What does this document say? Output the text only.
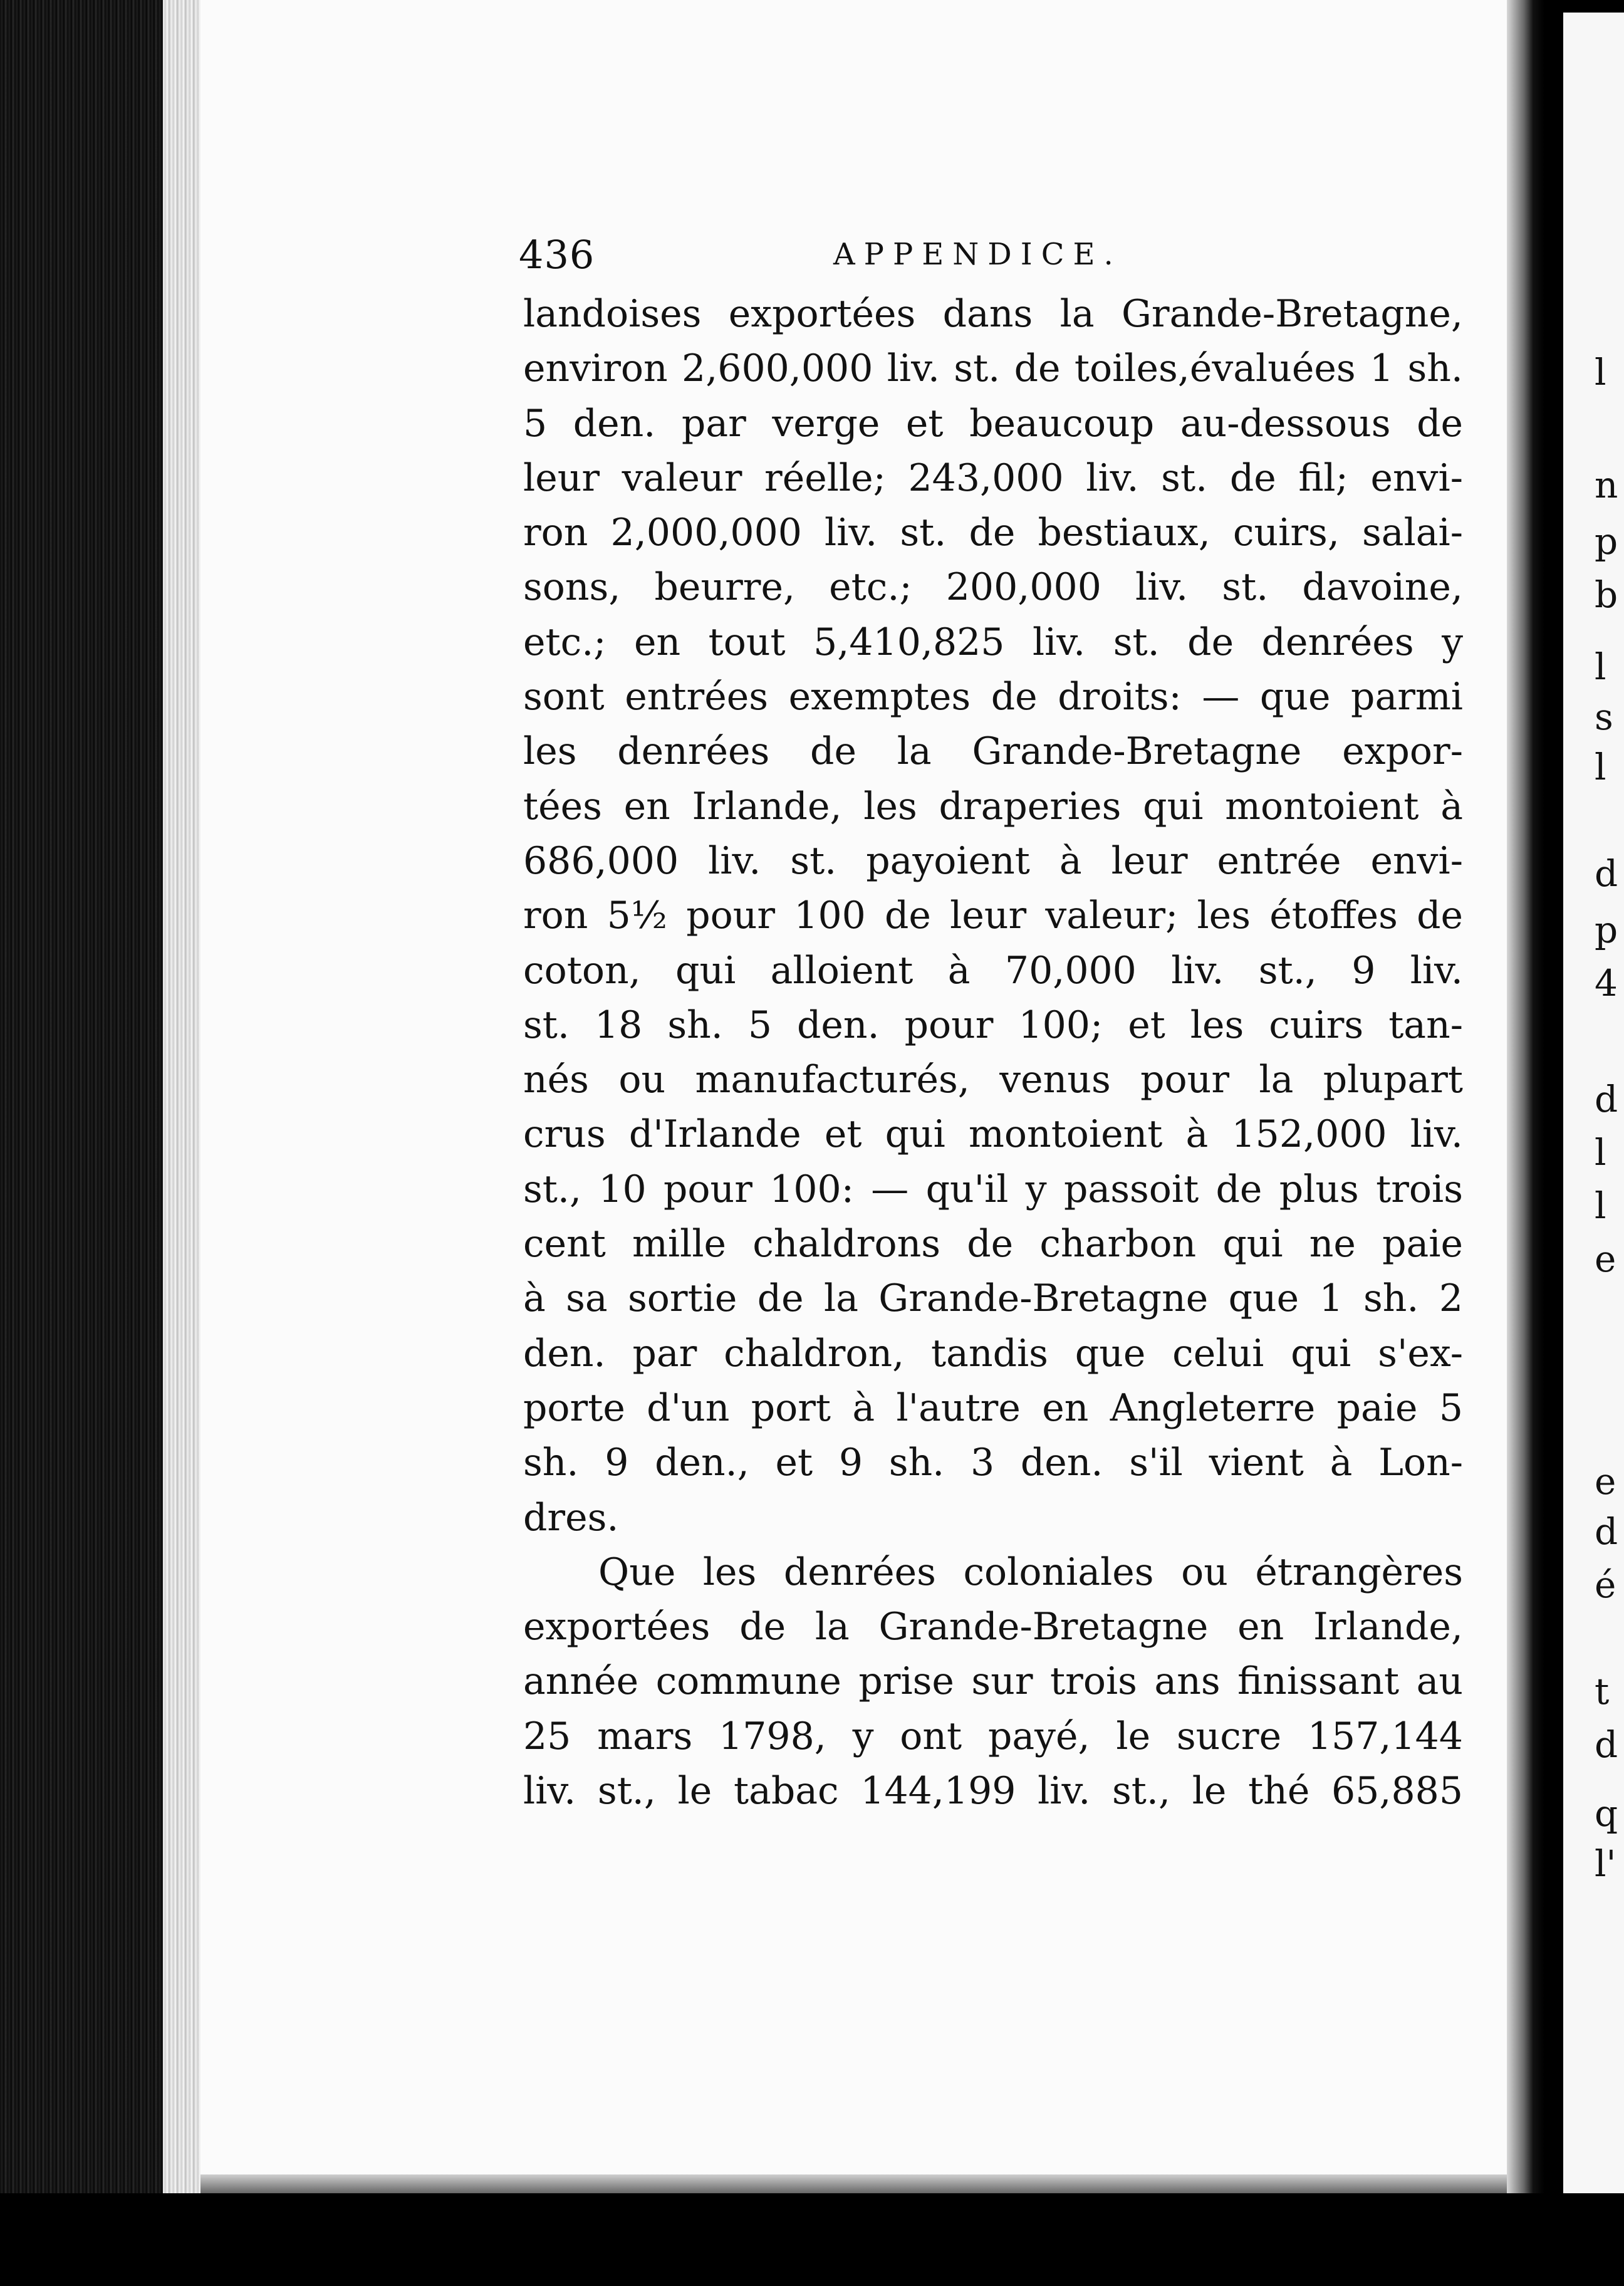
436	APPENDICE.
landoises exportées dans la Grande-Bretagne,
environ 2,600,000 liv. st. de toiles,évaluées 1 sh.
5 den. par verge et beaucoup au-dessous de
leur valeur réelle; 243,000 liv. st. de fil; envi-
ron 2,000,000 liv. st. de bestiaux, cuirs, salai-
sons, beurre, etc.; 200,000 liv. st. davoine,
etc.; en tout 5,410,825 liv. st. de denrées y
sont entrées exemptes de droits: — que parmi
les denrées de la Grande-Bretagne expor-
tées en Irlande, les draperies qui montoient à
686,000 liv. st. payoient à leur entrée envi-
ron 5½ pour 100 de leur valeur; les étoffes de
coton, qui alloient à 70,000 liv. st., 9 liv.
st. 18 sh. 5 den. pour 100; et les cuirs tan-
nés ou manufacturés, venus pour la plupart
crus d'Irlande et qui montoient à 152,000 liv.
st., 10 pour 100: — qu'il y passoit de plus trois
cent mille chaldrons de charbon qui ne paie
à sa sortie de la Grande-Bretagne que 1 sh. 2
den. par chaldron, tandis que celui qui s'ex-
porte d'un port à l'autre en Angleterre paie 5
sh. 9 den., et 9 sh. 3 den. s'il vient à Lon-
dres.
Que les denrées coloniales ou étrangères
exportées de la Grande-Bretagne en Irlande,
année commune prise sur trois ans finissant au
25 mars 1798, y ont payé, le sucre 157,144
liv. st., le tabac 144,199 liv. st., le thé 65,885
l
n
p
b
l
s
l
d
p
4
d
l
l
e
e
d
é
t
d
q
l'
